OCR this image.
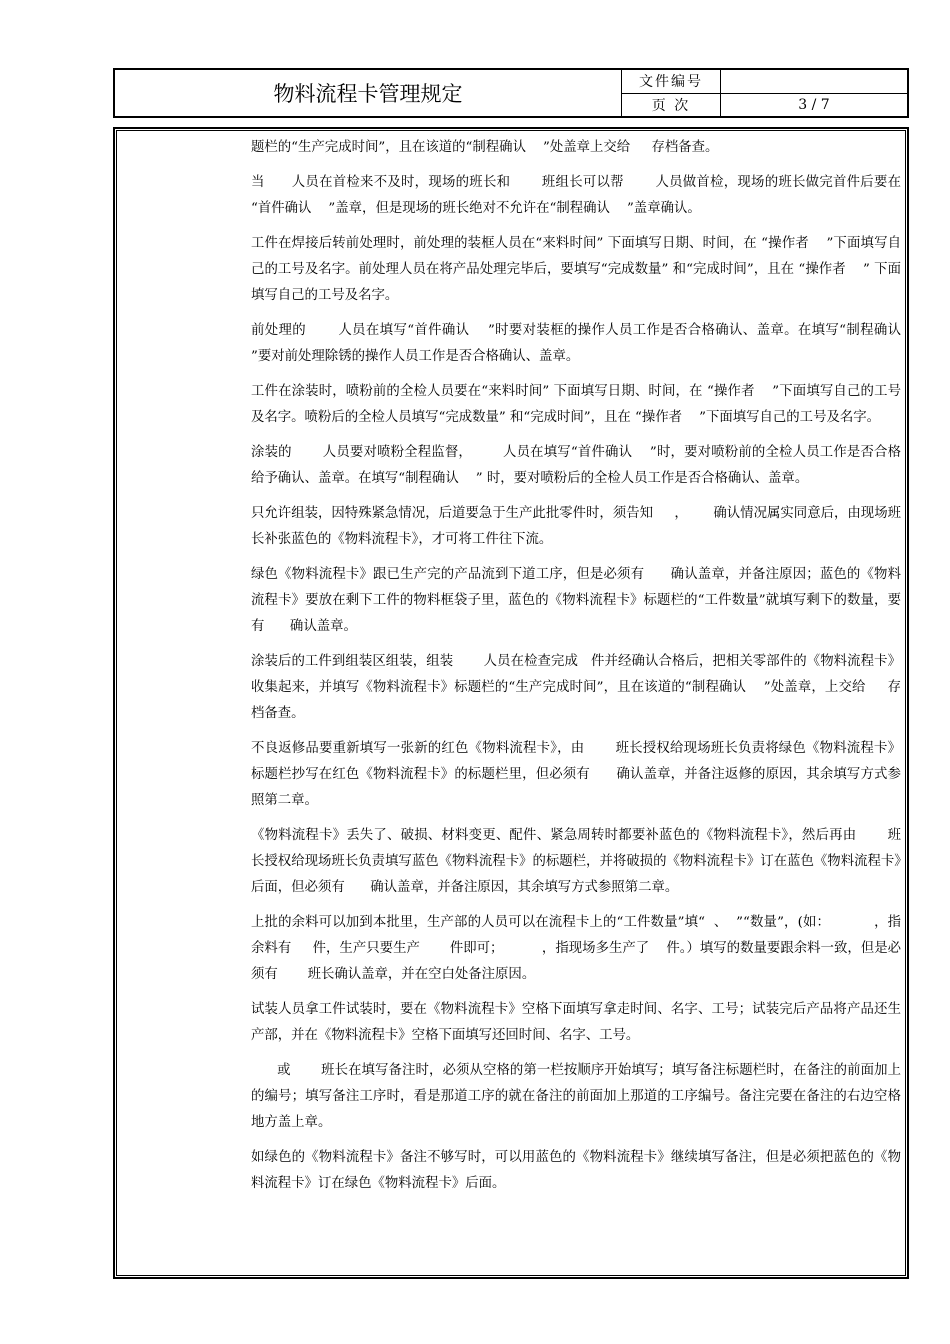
物料流程卡管理规定	文件编号
页 次	3 / 7

题栏的“生产完成时间”，且在该道的“制程确认    ”处盖章上交给     存档备查。

当      人员在首检来不及时，现场的班长和       班组长可以帮       人员做首检，现场的班长做完首件后要在 “首件确认    ”盖章，但是现场的班长绝对不允许在“制程确认    ”盖章确认。

工件在焊接后转前处理时，前处理的装框人员在“来料时间” 下面填写日期、时间，在 “操作者    ”下面填写自己的工号及名字。前处理人员在将产品处理完毕后，要填写“完成数量” 和“完成时间”，且在 “操作者    ” 下面填写自己的工号及名字。

前处理的       人员在填写“首件确认    ”时要对装框的操作人员工作是否合格确认、盖章。在填写“制程确认    ”要对前处理除锈的操作人员工作是否合格确认、盖章。

工件在涂装时，喷粉前的全检人员要在“来料时间” 下面填写日期、时间，在 “操作者    ”下面填写自己的工号及名字。喷粉后的全检人员填写“完成数量” 和“完成时间”，且在 “操作者    ”下面填写自己的工号及名字。

涂装的       人员要对喷粉全程监督，       人员在填写“首件确认    ”时，要对喷粉前的全检人员工作是否合格给予确认、盖章。在填写“制程确认    ” 时，要对喷粉后的全检人员工作是否合格确认、盖章。

只允许组装，因特殊紧急情况，后道要急于生产此批零件时，须告知     ，      确认情况属实同意后，由现场班长补张蓝色的《物料流程卡》，才可将工件往下流。

绿色《物料流程卡》跟已生产完的产品流到下道工序，但是必须有      确认盖章，并备注原因；蓝色的《物料流程卡》要放在剩下工件的物料框袋子里，蓝色的《物料流程卡》标题栏的“工件数量”就填写剩下的数量，要有      确认盖章。

涂装后的工件到组装区组装，组装       人员在检查完成   件并经确认合格后，把相关零部件的《物料流程卡》收集起来，并填写《物料流程卡》标题栏的“生产完成时间”，且在该道的“制程确认    ”处盖章，上交给     存档备查。

不良返修品要重新填写一张新的红色《物料流程卡》，由       班长授权给现场班长负责将绿色《物料流程卡》标题栏抄写在红色《物料流程卡》的标题栏里，但必须有      确认盖章，并备注返修的原因，其余填写方式参照第二章。

《物料流程卡》丢失了、破损、材料变更、配件、紧急周转时都要补蓝色的《物料流程卡》，然后再由       班长授权给现场班长负责填写蓝色《物料流程卡》的标题栏，并将破损的《物料流程卡》订在蓝色《物料流程卡》后面，但必须有      确认盖章，并备注原因，其余填写方式参照第二章。

上批的余料可以加到本批里，生产部的人员可以在流程卡上的“工件数量”填“  、  ”“数量”，(如：          ，指余料有     件，生产只要生产       件即可；         ，指现场多生产了    件。）填写的数量要跟余料一致，但是必须有       班长确认盖章，并在空白处备注原因。

试装人员拿工件试装时，要在《物料流程卡》空格下面填写拿走时间、名字、工号；试装完后产品将产品还生产部，并在《物料流程卡》空格下面填写还回时间、名字、工号。

或       班长在填写备注时，必须从空格的第一栏按顺序开始填写；填写备注标题栏时，在备注的前面加上      的编号；填写备注工序时，看是那道工序的就在备注的前面加上那道的工序编号。备注完要在备注的右边空格地方盖上章。

如绿色的《物料流程卡》备注不够写时，可以用蓝色的《物料流程卡》继续填写备注，但是必须把蓝色的《物料流程卡》订在绿色《物料流程卡》后面。
